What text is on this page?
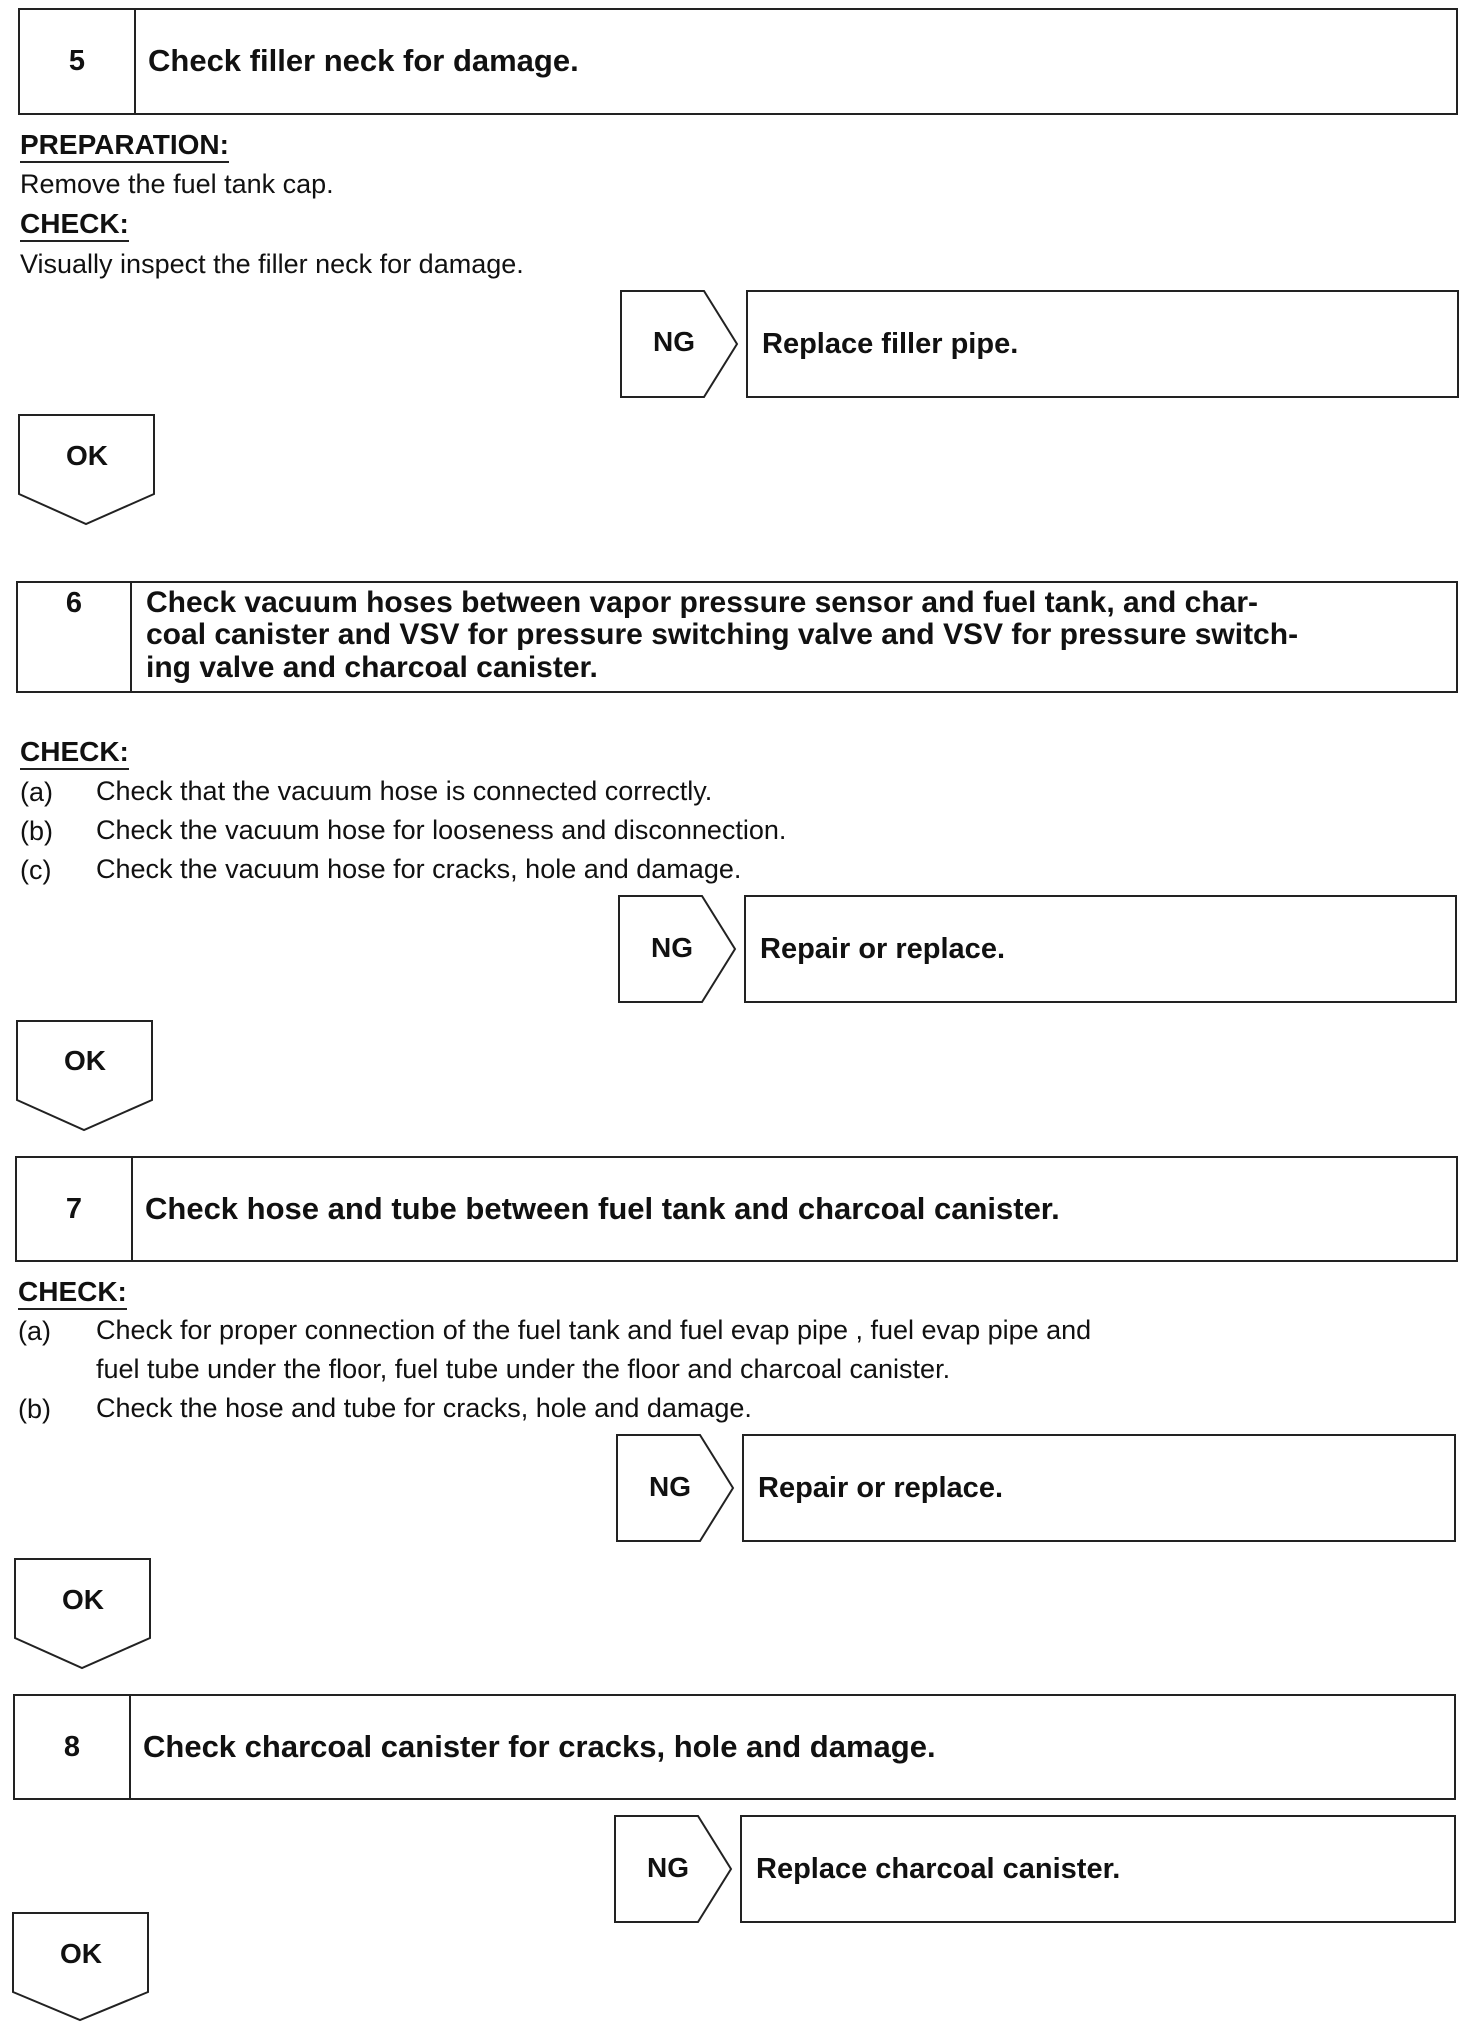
5	Check filler neck for damage.
PREPARATION:
Remove the fuel tank cap.
CHECK:
Visually inspect the filler neck for damage.
NG	Replace filler pipe.
OK
6	Check vacuum hoses between vapor pressure sensor and fuel tank, and char-
coal canister and VSV for pressure switching valve and VSV for pressure switch-
ing valve and charcoal canister.
CHECK:
(a) Check that the vacuum hose is connected correctly.
(b) Check the vacuum hose for looseness and disconnection.
(c) Check the vacuum hose for cracks, hole and damage.
NG	Repair or replace.
OK
7	Check hose and tube between fuel tank and charcoal canister.
CHECK:
(a) Check for proper connection of the fuel tank and fuel evap pipe , fuel evap pipe and
fuel tube under the floor, fuel tube under the floor and charcoal canister.
(b) Check the hose and tube for cracks, hole and damage.
NG	Repair or replace.
OK
8	Check charcoal canister for cracks, hole and damage.
NG	Replace charcoal canister.
OK
